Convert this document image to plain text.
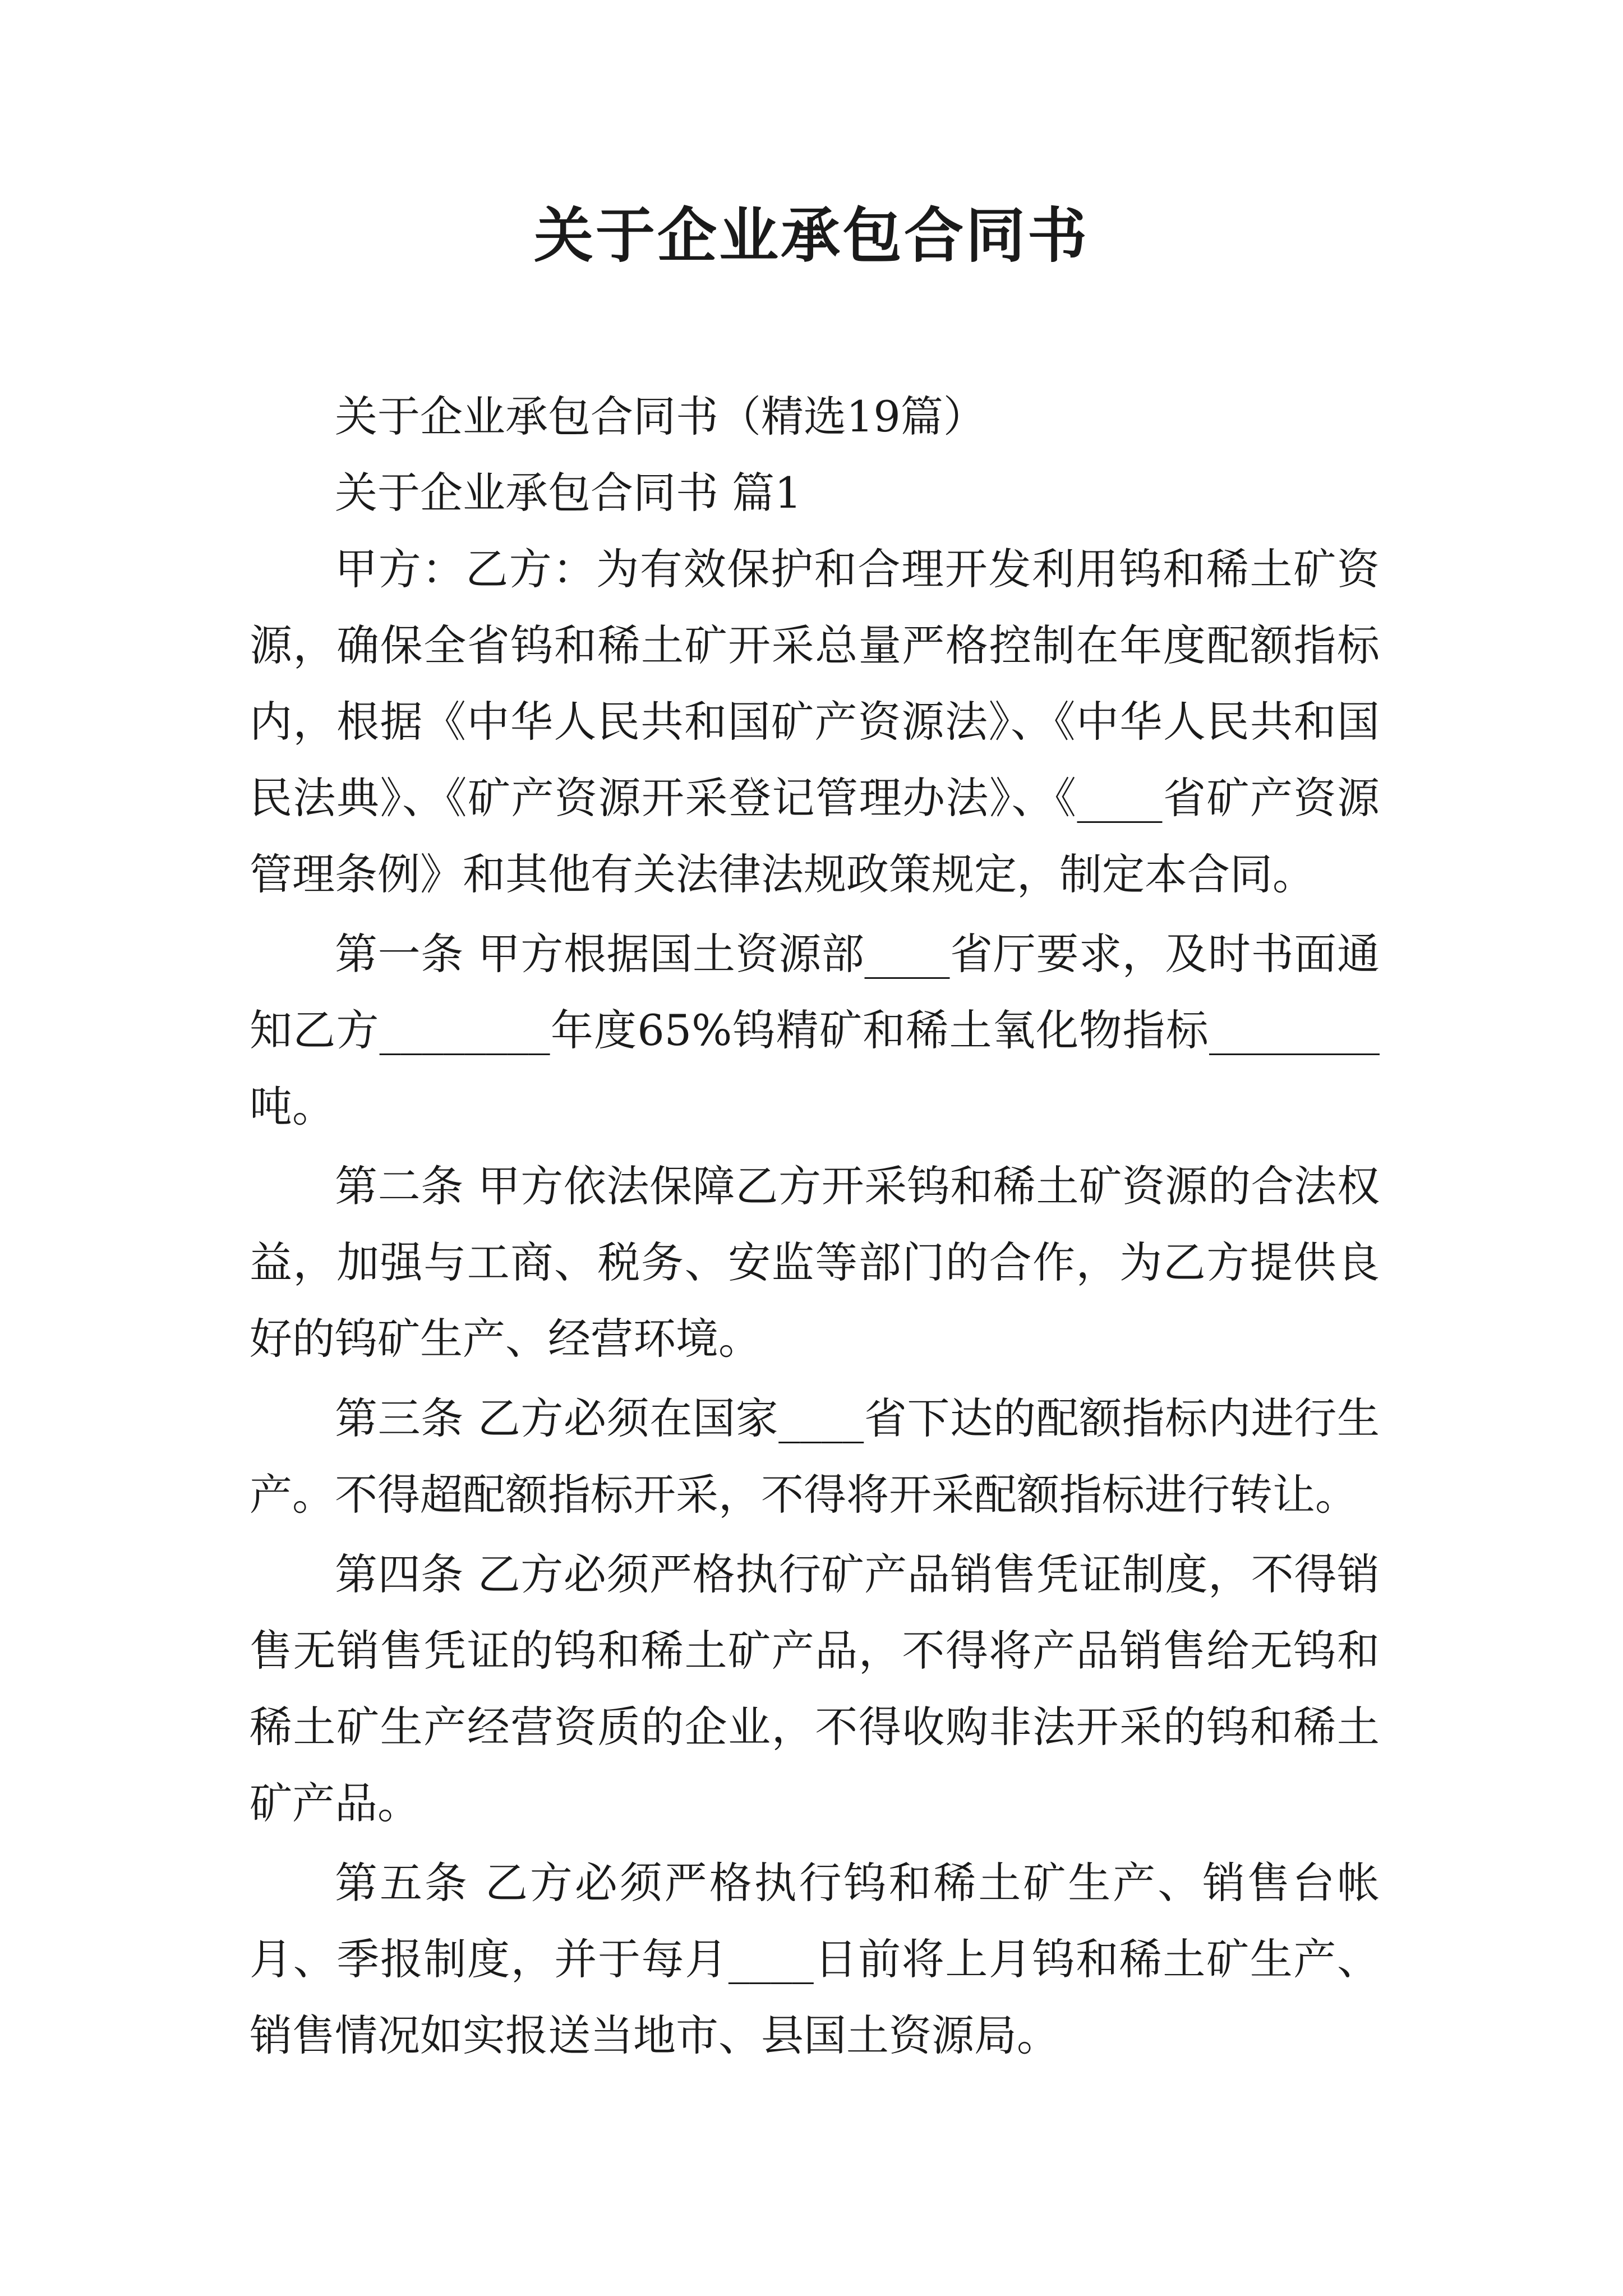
关于企业承包合同书

关于企业承包合同书（精选19篇）

关于企业承包合同书 篇1

甲方：乙方：为有效保护和合理开发利用钨和稀土矿资源，确保全省钨和稀土矿开采总量严格控制在年度配额指标内，根据《中华人民共和国矿产资源法》、《中华人民共和国民法典》、《矿产资源开采登记管理办法》、《____省矿产资源管理条例》和其他有关法律法规政策规定，制定本合同。

第一条 甲方根据国土资源部____省厅要求，及时书面通知乙方________年度65%钨精矿和稀土氧化物指标________吨。

第二条 甲方依法保障乙方开采钨和稀土矿资源的合法权益，加强与工商、税务、安监等部门的合作，为乙方提供良好的钨矿生产、经营环境。

第三条 乙方必须在国家____省下达的配额指标内进行生产。不得超配额指标开采，不得将开采配额指标进行转让。

第四条 乙方必须严格执行矿产品销售凭证制度，不得销售无销售凭证的钨和稀土矿产品，不得将产品销售给无钨和稀土矿生产经营资质的企业，不得收购非法开采的钨和稀土矿产品。

第五条 乙方必须严格执行钨和稀土矿生产、销售台帐月、季报制度，并于每月____日前将上月钨和稀土矿生产、销售情况如实报送当地市、县国土资源局。
